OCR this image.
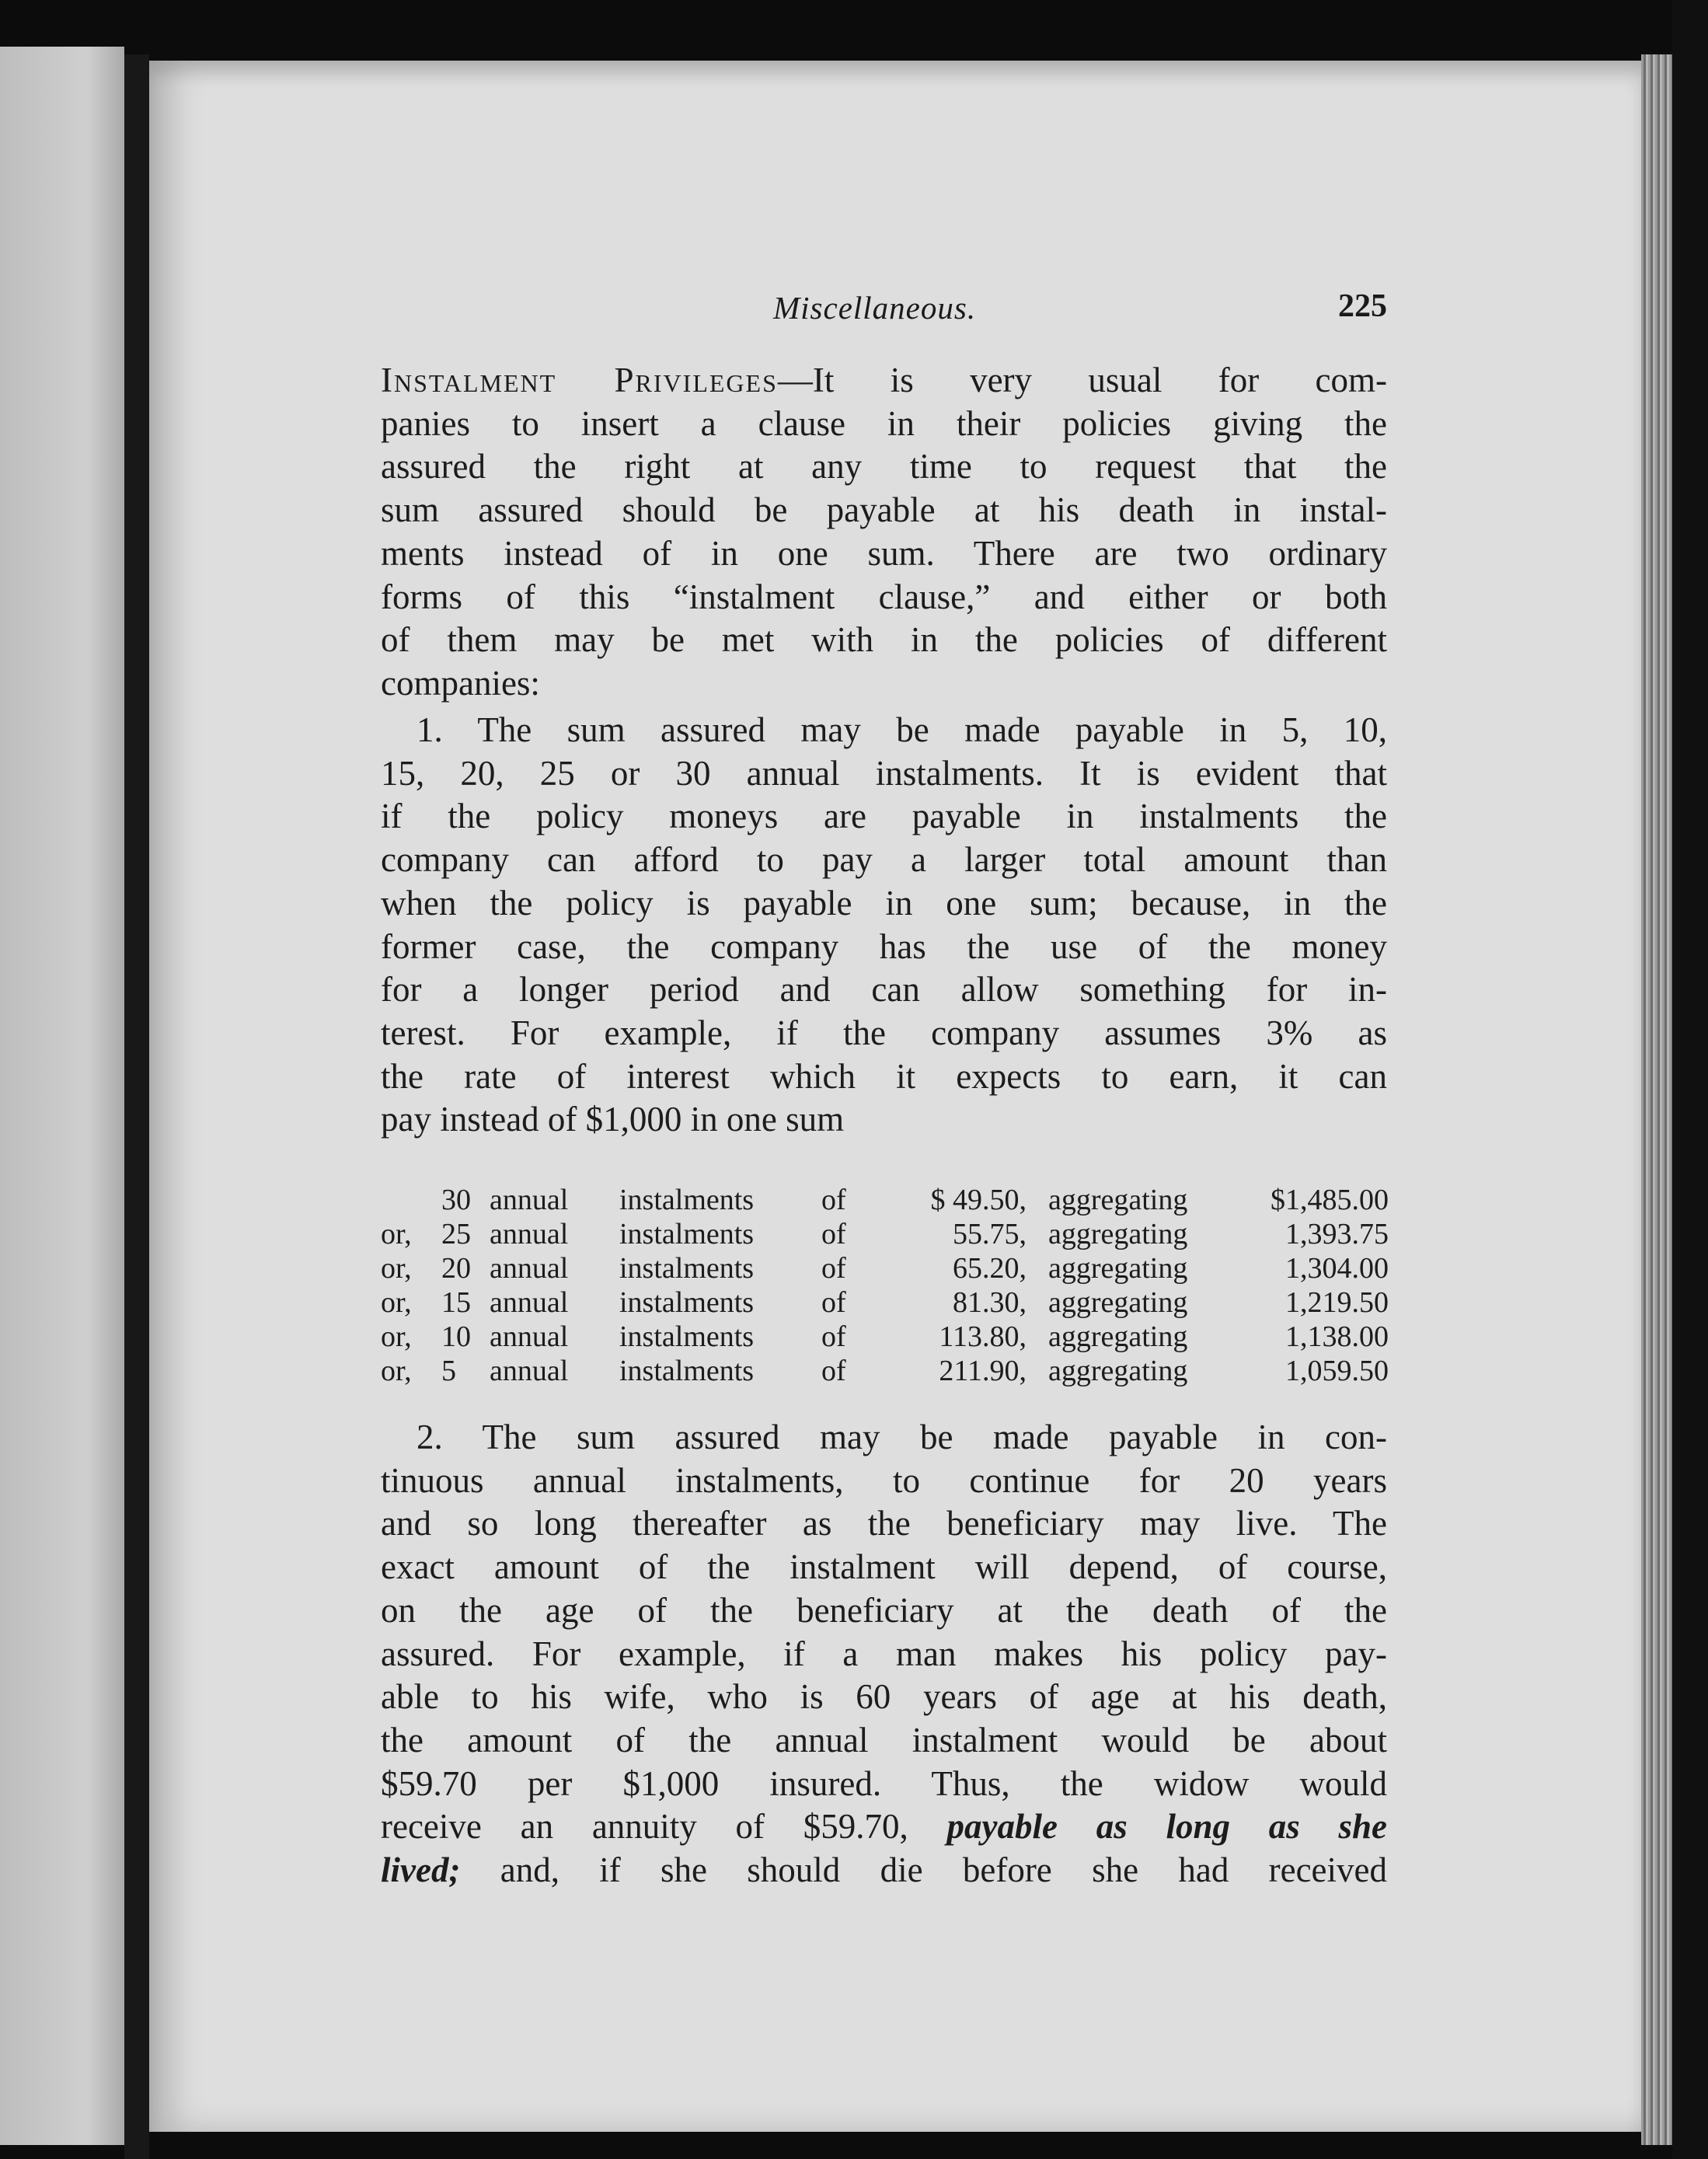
Miscellaneous.	225
Instalment Privileges—It is very usual for com-
panies to insert a clause in their policies giving the
assured the right at any time to request that the
sum assured should be payable at his death in instal-
ments instead of in one sum. There are two ordinary
forms of this “instalment clause,” and either or both
of them may be met with in the policies of different
companies:
1. The sum assured may be made payable in 5, 10,
15, 20, 25 or 30 annual instalments. It is evident that
if the policy moneys are payable in instalments the
company can afford to pay a larger total amount than
when the policy is payable in one sum; because, in the
former case, the company has the use of the money
for a longer period and can allow something for in-
terest. For example, if the company assumes 3% as
the rate of interest which it expects to earn, it can
pay instead of $1,000 in one sum
	30	annual	instalments	of	$ 49.50,	aggregating	$1,485.00
or,	25	annual	instalments	of	55.75,	aggregating	1,393.75
or,	20	annual	instalments	of	65.20,	aggregating	1,304.00
or,	15	annual	instalments	of	81.30,	aggregating	1,219.50
or,	10	annual	instalments	of	113.80,	aggregating	1,138.00
or,	5	annual	instalments	of	211.90,	aggregating	1,059.50
2. The sum assured may be made payable in con-
tinuous annual instalments, to continue for 20 years
and so long thereafter as the beneficiary may live. The
exact amount of the instalment will depend, of course,
on the age of the beneficiary at the death of the
assured. For example, if a man makes his policy pay-
able to his wife, who is 60 years of age at his death,
the amount of the annual instalment would be about
$59.70 per $1,000 insured. Thus, the widow would
receive an annuity of $59.70, payable as long as she
lived; and, if she should die before she had received
